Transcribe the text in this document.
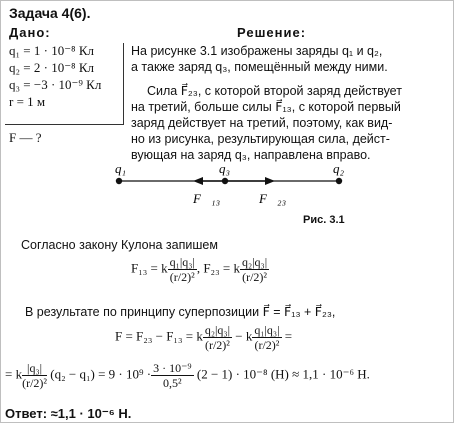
Задача 4(6).
Дано:
q₁ = 1 · 10⁻⁸ Кл
q₂ = 2 · 10⁻⁸ Кл
q₃ = −3 · 10⁻⁹ Кл
r = 1 м
F — ?
Решение:
На рисунке 3.1 изображены заряды q₁ и q₂,
а также заряд q₃, помещённый между ними.
Сила F⃗₂₃, с которой второй заряд действует
на третий, больше силы F⃗₁₃, с которой первый
заряд действует на третий, поэтому, как вид-
но из рисунка, результирующая сила, дейст-
вующая на заряд q₃, направлена вправо.
q₁	q₃	q₂
F⃗₁₃	F⃗₂₃
Рис. 3.1
Согласно закону Кулона запишем
F₁₃ = k $\frac{\text{q₁|q₃|}}{\text{(r/2)²}}$ , F₂₃ = k $\frac{\text{q₂|q₃|}}{\text{(r/2)²}}$
В результате по принципу суперпозиции F⃗ = F⃗₁₃ + F⃗₂₃,
F = F₂₃ − F₁₃ = k $\frac{\text{q₂|q₃|}}{\text{(r/2)²}} - k \frac{\text{q₁|q₃|}}{\text{(r/2)²}}$ =
= k $\frac{\text{|q₃|}}{\text{(r/2)²}} (q_2 - q_1) = 9 \cdot 10^9 \cdot \frac{\text{3 · 10⁻⁹}}{\text{0,5²}} (2 - 1) \cdot 10^{-8}$ (Н) ≈ 1,1 · 10⁻⁶ Н.
Ответ: ≈1,1 · 10⁻⁶ Н.
